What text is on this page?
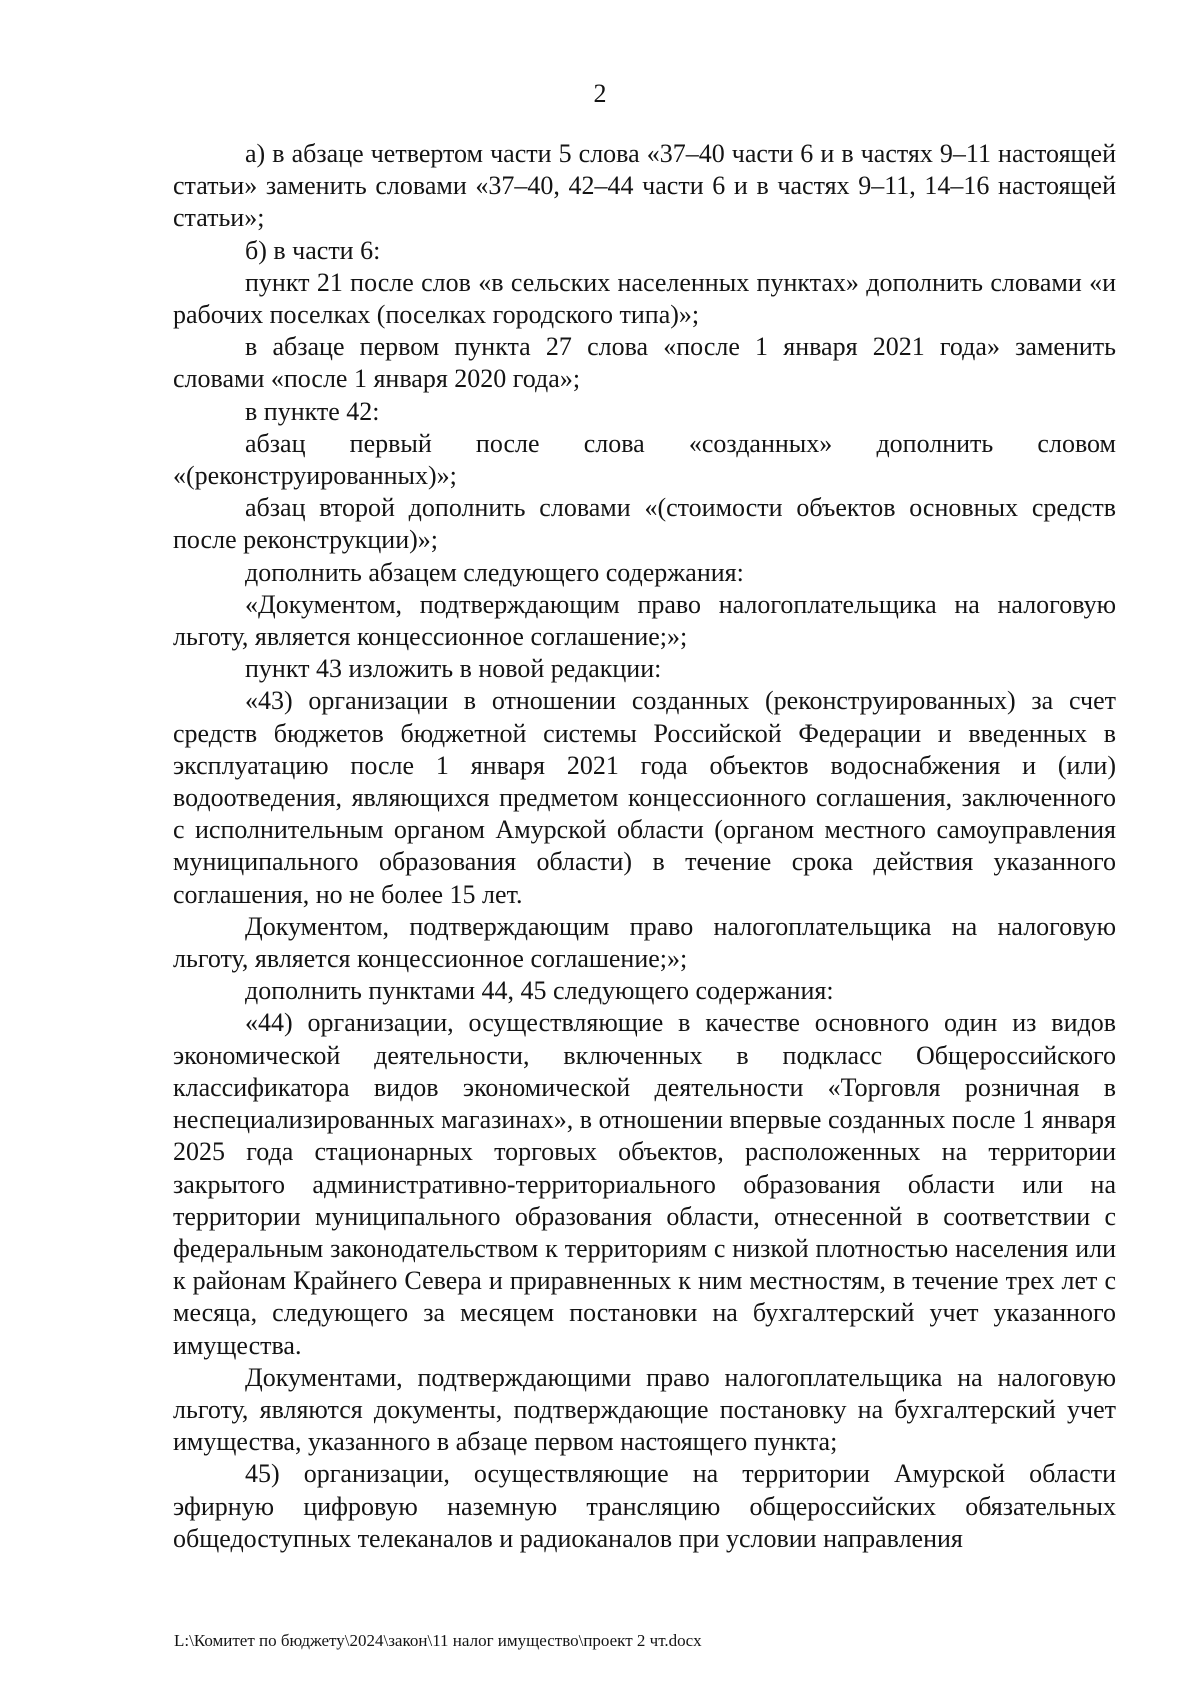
2

а) в абзаце четвертом части 5 слова «37–40 части 6 и в частях 9–11 настоящей статьи» заменить словами «37–40, 42–44 части 6 и в частях 9–11, 14–16 настоящей статьи»;

б) в части 6:

пункт 21 после слов «в сельских населенных пунктах» дополнить словами «и рабочих поселках (поселках городского типа)»;

в абзаце первом пункта 27 слова «после 1 января 2021 года» заменить словами «после 1 января 2020 года»;

в пункте 42:

абзац первый после слова «созданных» дополнить словом «(реконструированных)»;

абзац второй дополнить словами «(стоимости объектов основных средств после реконструкции)»;

дополнить абзацем следующего содержания:

«Документом, подтверждающим право налогоплательщика на налоговую льготу, является концессионное соглашение;»;

пункт 43 изложить в новой редакции:

«43) организации в отношении созданных (реконструированных) за счет средств бюджетов бюджетной системы Российской Федерации и введенных в эксплуатацию после 1 января 2021 года объектов водоснабжения и (или) водоотведения, являющихся предметом концессионного соглашения, заключенного с исполнительным органом Амурской области (органом местного самоуправления муниципального образования области) в течение срока действия указанного соглашения, но не более 15 лет.

Документом, подтверждающим право налогоплательщика на налоговую льготу, является концессионное соглашение;»;

дополнить пунктами 44, 45 следующего содержания:

«44) организации, осуществляющие в качестве основного один из видов экономической деятельности, включенных в подкласс Общероссийского классификатора видов экономической деятельности «Торговля розничная в неспециализированных магазинах», в отношении впервые созданных после 1 января 2025 года стационарных торговых объектов, расположенных на территории закрытого административно-территориального образования области или на территории муниципального образования области, отнесенной в соответствии с федеральным законодательством к территориям с низкой плотностью населения или к районам Крайнего Севера и приравненных к ним местностям, в течение трех лет с месяца, следующего за месяцем постановки на бухгалтерский учет указанного имущества.

Документами, подтверждающими право налогоплательщика на налоговую льготу, являются документы, подтверждающие постановку на бухгалтерский учет имущества, указанного в абзаце первом настоящего пункта;

45) организации, осуществляющие на территории Амурской области эфирную цифровую наземную трансляцию общероссийских обязательных общедоступных телеканалов и радиоканалов при условии направления

L:\Комитет по бюджету\2024\закон\11 налог имущество\проект 2 чт.docx
